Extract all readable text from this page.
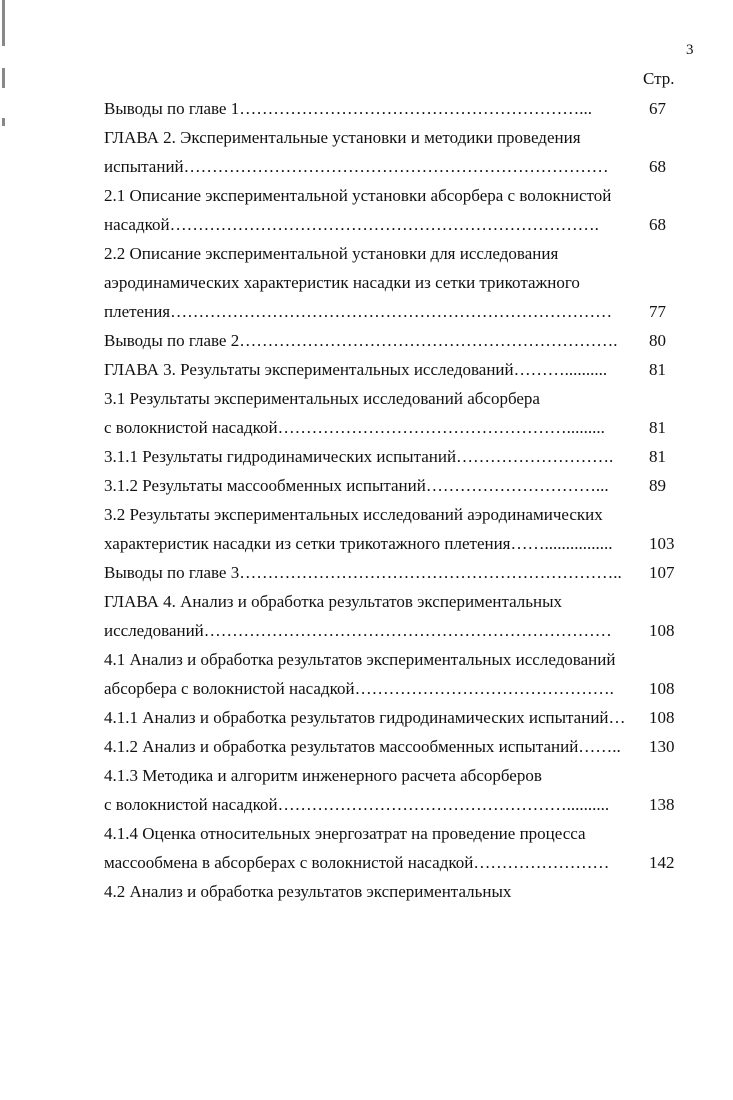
3
Стр.
Выводы по главе 1……………………………………………………...	67
ГЛАВА 2. Экспериментальные установки и методики проведения
испытаний………………………………………………………………… 68
2.1 Описание экспериментальной установки абсорбера с волокнистой
насадкой………………………………………………………………….	68
2.2 Описание экспериментальной установки для исследования
аэродинамических характеристик насадки из сетки трикотажного
плетения…………………………………………………………………… 77
Выводы по главе 2…………………………………………………………. 80
ГЛАВА 3. Результаты экспериментальных исследований……….......... 81
3.1 Результаты экспериментальных исследований абсорбера
с волокнистой насадкой…………………………………………….........	81
3.1.1 Результаты гидродинамических испытаний………………………. 81
3.1.2 Результаты массообменных испытаний…………………………... 89
3.2 Результаты экспериментальных исследований аэродинамических
характеристик насадки из сетки трикотажного плетения……................ 103
Выводы по главе 3………………………………………………………….. 107
ГЛАВА 4. Анализ и обработка результатов экспериментальных
исследований……………………………………………………………… 108
4.1 Анализ и обработка результатов экспериментальных исследований
абсорбера с волокнистой насадкой………………………………………. 108
4.1.1 Анализ и обработка результатов гидродинамических испытаний… 108
4.1.2 Анализ и обработка результатов массообменных испытаний…….. 130
4.1.3 Методика и алгоритм инженерного расчета абсорберов
с волокнистой насадкой…………………………………………….......... 138
4.1.4 Оценка относительных энергозатрат на проведение процесса
массообмена в абсорберах с волокнистой насадкой…………………… 142
4.2 Анализ и обработка результатов экспериментальных
